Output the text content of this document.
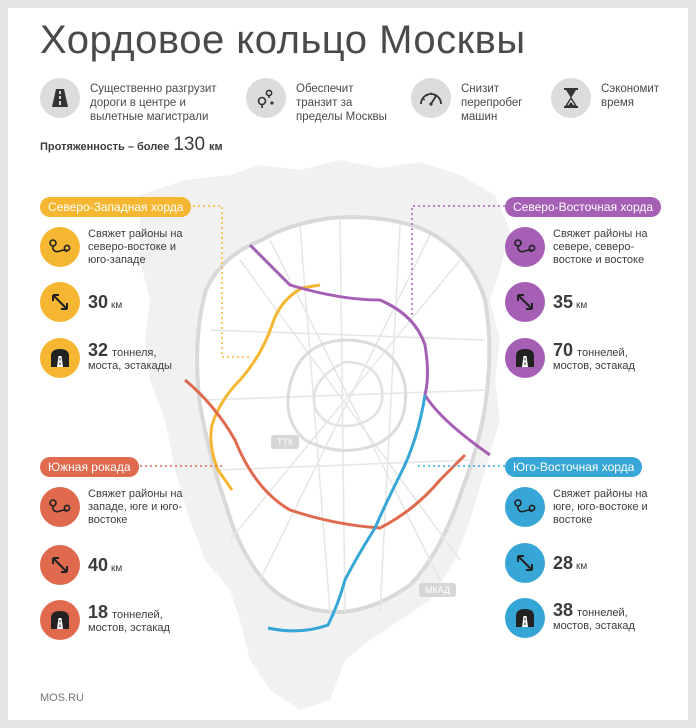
Хордовое кольцо Москвы
Существенно разгрузит дороги в центре и вылетные магистрали
Обеспечит транзит за пределы Москвы
Снизит перепробег машин
Сэкономит время
Протяженность – более 130 км
ТТК
МКАД
Северо-Западная хорда
Свяжет районы на северо-востоке и юго-западе
30 км
32 тоннеля, моста, эстакады
Северо-Восточная хорда
Свяжет районы на севере, северо-востоке и востоке
35 км
70 тоннелей, мостов, эстакад
Южная рокада
Свяжет районы на западе, юге и юго-востоке
40 км
18 тоннелей, мостов, эстакад
Юго-Восточная хорда
Свяжет районы на юге, юго-востоке и востоке
28 км
38 тоннелей, мостов, эстакад
MOS.RU
